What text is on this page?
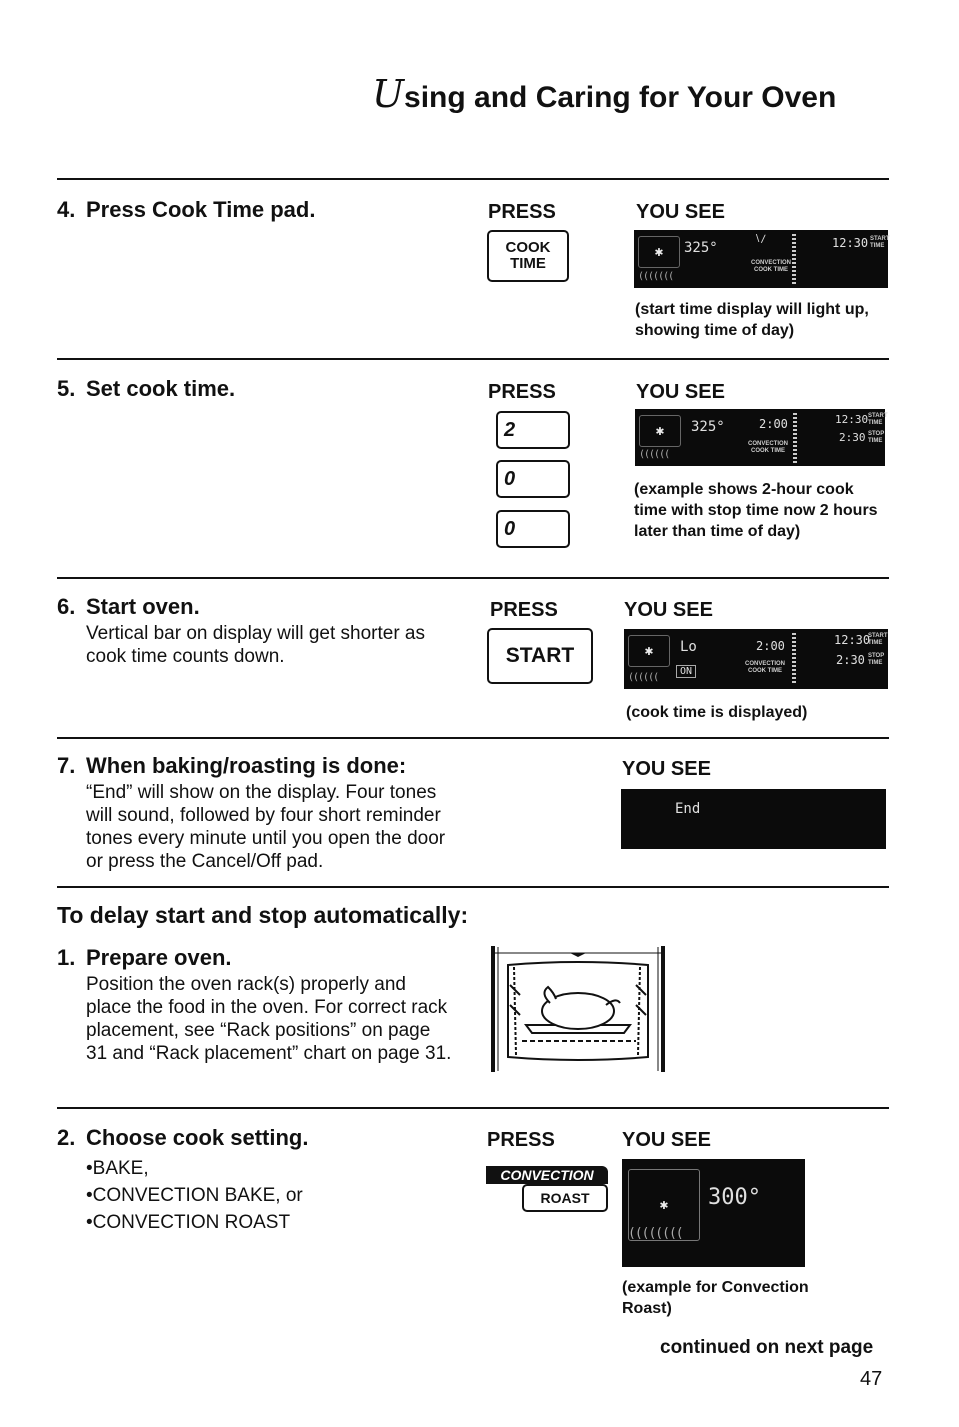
Using and Caring for Your Oven
4. Press Cook Time pad.	PRESS	YOU SEE
COOK
TIME
✱
(((((((
325°
∖∕
CONVECTION
COOK TIME
12:30 START TIME
(start time display will light up, showing time of day)
5. Set cook time.	PRESS	YOU SEE
2
0
0
✱
((((((
325°	2:00
CONVECTION
COOK TIME
12:30 START TIME
2:30 STOP TIME
(example shows 2-hour cook time with stop time now 2 hours later than time of day)
6. Start oven.
Vertical bar on display will get shorter as cook time counts down.
PRESS	YOU SEE
START	✱
((((((
Lo
ON
2:00
CONVECTION
COOK TIME
12:30
START TIME
2:30 STOP TIME
(cook time is displayed)
7. When baking/roasting is done:
“End” will show on the display. Four tones will sound, followed by four short reminder tones every minute until you open the door or press the Cancel/Off pad.
YOU SEE
End
To delay start and stop automatically:
1. Prepare oven.
Position the oven rack(s) properly and place the food in the oven. For correct rack placement, see “Rack positions” on page 31 and “Rack placement” chart on page 31.
2. Choose cook setting.
• BAKE,
• CONVECTION BAKE, or
• CONVECTION ROAST
PRESS	YOU SEE
CONVECTION
ROAST	✱
((((((((
300°
(example for Convection Roast)
continued on next page
47
